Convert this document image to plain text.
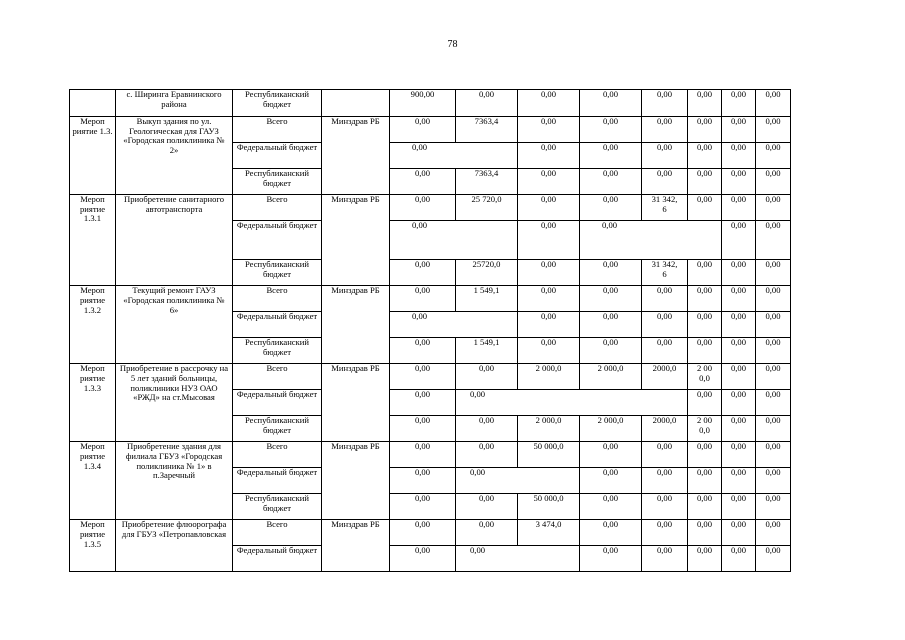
78
	с. Ширинга Еравнинского района	Республиканский бюджет		900,00	0,00	0,00	0,00	0,00	0,00	0,00	0,00	

Мероп риятие 1.3.	Выкуп здания по ул. Геологическая для ГАУЗ «Городская поликлиника № 2»	Всего	Минздрав РБ	0,00	7363,4	0,00	0,00	0,00	0,00	0,00	0,00	

		Федеральный бюджет		0,00		0,00	0,00	0,00	0,00	0,00	0,00	

		Республиканский бюджет		0,00	7363,4	0,00	0,00	0,00	0,00	0,00	0,00	

Мероп риятие 1.3.1	Приобретение санитарного автотранспорта	Всего	Минздрав РБ	0,00	25 720,0	0,00	0,00	31 342, 6	0,00	0,00	0,00	

		Федеральный бюджет		0,00		0,00	0,00			0,00	0,00

		Республиканский бюджет		0,00	25720,0	0,00	0,00	31 342, 6	0,00	0,00	0,00	

Мероп риятие 1.3.2	Текущий ремонт ГАУЗ «Городская поликлиника № 6»	Всего	Минздрав РБ	0,00	1 549,1	0,00	0,00	0,00	0,00	0,00	0,00	

		Федеральный бюджет		0,00		0,00	0,00	0,00	0,00	0,00	0,00	

		Республиканский бюджет		0,00	1 549,1	0,00	0,00	0,00	0,00	0,00	0,00	

Мероп риятие 1.3.3	Приобретение в рассрочку на 5 лет зданий больницы, поликлиники НУЗ ОАО «РЖД» на ст.Мысовая	Всего	Минздрав РБ	0,00	0,00	2 000,0	2 000,0	2000,0	2 00 0,0	0,00	0,00	

		Федеральный бюджет		0,00	0,00				0,00	0,00	0,00	

		Республиканский бюджет		0,00	0,00	2 000,0	2 000,0	2000,0	2 00 0,0	0,00	0,00	

Мероп риятие 1.3.4	Приобретение здания для филиала ГБУЗ «Городская поликлиника № 1» в п.Заречный	Всего	Минздрав РБ	0,00	0,00	50 000,0	0,00	0,00	0,00	0,00	0,00	

		Федеральный бюджет		0,00	0,00		0,00	0,00	0,00	0,00	0,00	

		Республиканский бюджет		0,00	0,00	50 000,0	0,00	0,00	0,00	0,00	0,00	

Мероп риятие 1.3.5	Приобретение флюорографа для ГБУЗ «Петропавловская	Всего	Минздрав РБ	0,00	0,00	3 474,0	0,00	0,00	0,00	0,00	0,00	

		Федеральный бюджет		0,00	0,00		0,00	0,00	0,00	0,00	0,00	
